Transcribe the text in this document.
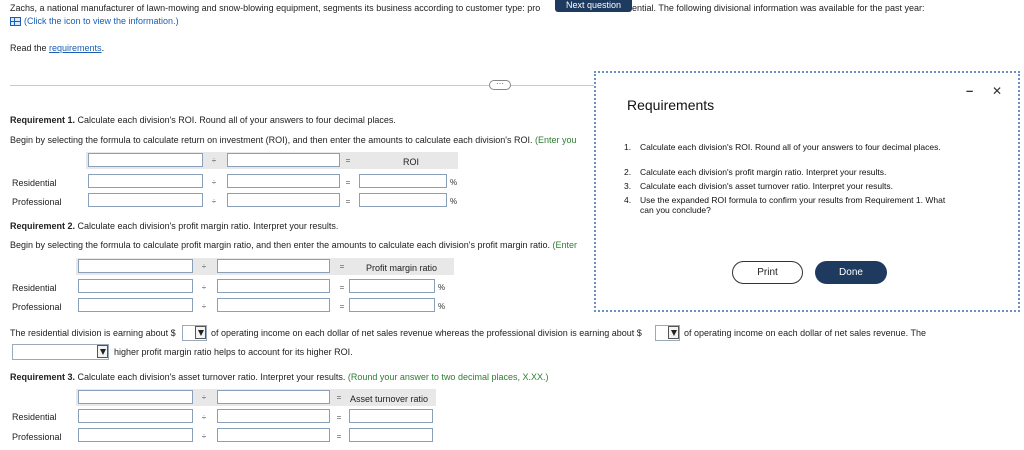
Zachs, a national manufacturer of lawn-mowing and snow-blowing equipment, segments its business according to customer type: pro	Next question	ential. The following divisional information was available for the past year:
(Click the icon to view the information.)
Read the requirements.
···
Requirement 1. Calculate each division's ROI. Round all of your answers to four decimal places.
Begin by selecting the formula to calculate return on investment (ROI), and then enter the amounts to calculate each division's ROI. (Enter you
÷	=	ROI
Residential	÷	=	%
Professional	÷	=	%
Requirement 2. Calculate each division's profit margin ratio. Interpret your results.
Begin by selecting the formula to calculate profit margin ratio, and then enter the amounts to calculate each division's profit margin ratio. (Enter
÷	=	Profit margin ratio
Residential	÷	=	%
Professional	÷	=	%
The residential division is earning about $	of operating income on each dollar of net sales revenue whereas the professional division is earning about $	of operating income on each dollar of net sales revenue. The
higher profit margin ratio helps to account for its higher ROI.
Requirement 3. Calculate each division's asset turnover ratio. Interpret your results. (Round your answer to two decimal places, X.XX.)
÷	= Asset turnover ratio
Residential	÷	=
Professional	÷	=
Requirements
– ✕
1. Calculate each division's ROI. Round all of your answers to four decimal places.
2. Calculate each division's profit margin ratio. Interpret your results.
3. Calculate each division's asset turnover ratio. Interpret your results.
4. Use the expanded ROI formula to confirm your results from Requirement 1. What can you conclude?
Print	Done
